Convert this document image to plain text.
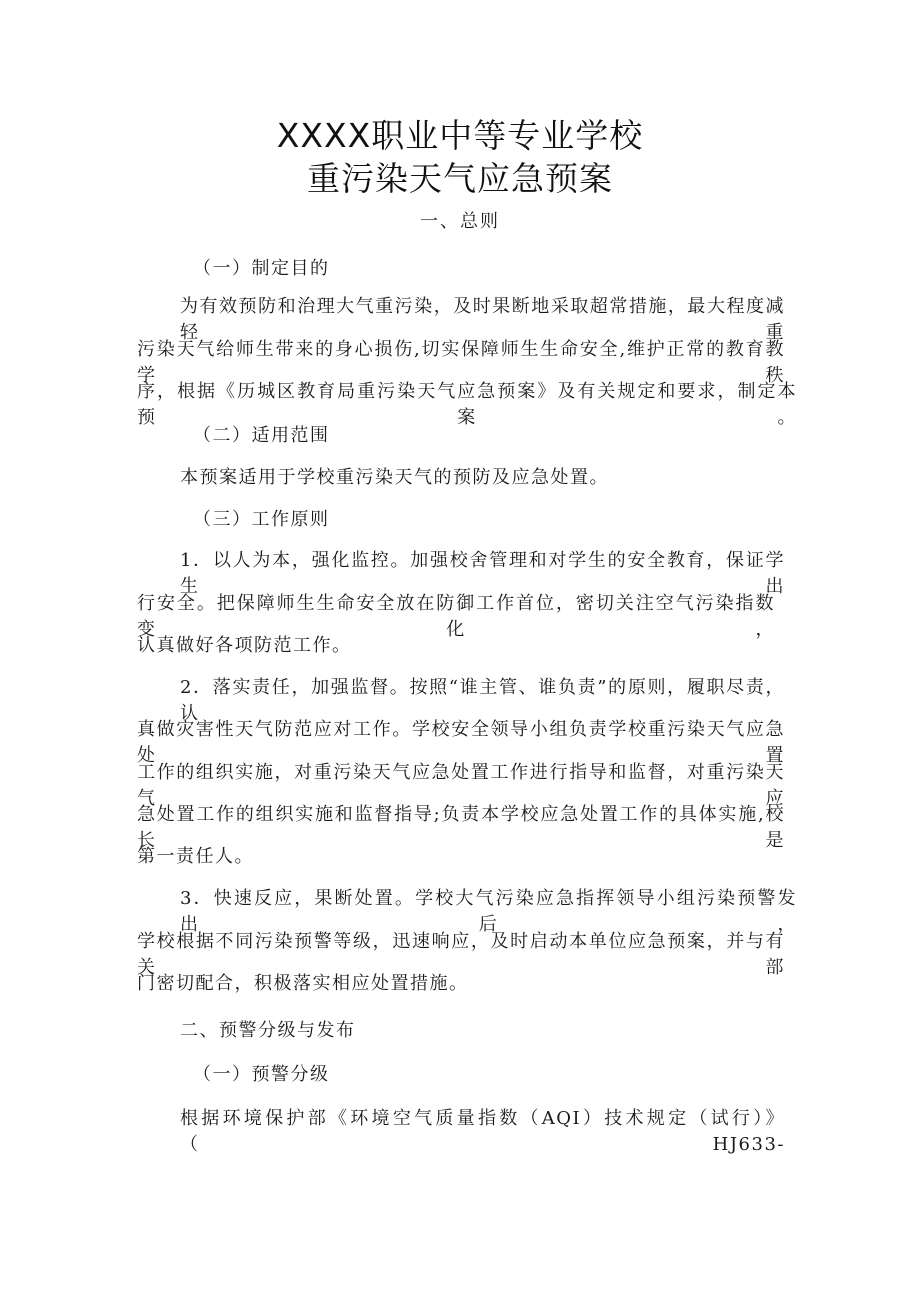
XXXX职业中等专业学校
重污染天气应急预案
一、总则
（一）制定目的
为有效预防和治理大气重污染，及时果断地采取超常措施，最大程度减轻重
污染天气给师生带来的身心损伤,切实保障师生生命安全,维护正常的教育教学秩
序，根据《历城区教育局重污染天气应急预案》及有关规定和要求，制定本预案。
（二）适用范围
本预案适用于学校重污染天气的预防及应急处置。
（三）工作原则
1．以人为本，强化监控。加强校舍管理和对学生的安全教育，保证学生出
行安全。把保障师生生命安全放在防御工作首位，密切关注空气污染指数变化，
认真做好各项防范工作。
2．落实责任，加强监督。按照“谁主管、谁负责”的原则，履职尽责，认
真做灾害性天气防范应对工作。学校安全领导小组负责学校重污染天气应急处置
工作的组织实施，对重污染天气应急处置工作进行指导和监督，对重污染天气应
急处置工作的组织实施和监督指导;负责本学校应急处置工作的具体实施,校长是
第一责任人。
3．快速反应，果断处置。学校大气污染应急指挥领导小组污染预警发出后，
学校根据不同污染预警等级，迅速响应，及时启动本单位应急预案，并与有关部
门密切配合，积极落实相应处置措施。
二、预警分级与发布
（一）预警分级
根据环境保护部《环境空气质量指数（AQI）技术规定（试行）》（HJ633-
